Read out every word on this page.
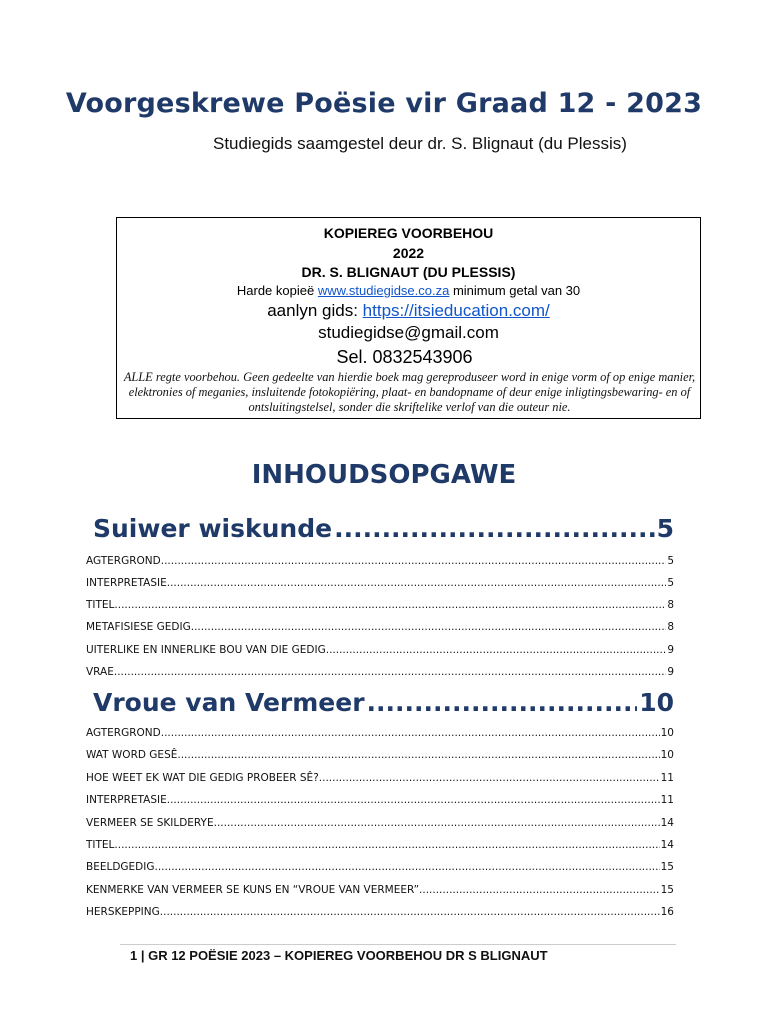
Voorgeskrewe Poësie vir Graad 12 - 2023
Studiegids saamgestel deur dr. S. Blignaut (du Plessis)
KOPIEREG VOORBEHOU
2022
DR. S. BLIGNAUT (DU PLESSIS)
Harde kopieë www.studiegidse.co.za minimum getal van 30
aanlyn gids: https://itsieducation.com/
studiegidse@gmail.com
Sel. 0832543906
ALLE regte voorbehou. Geen gedeelte van hierdie boek mag gereproduseer word in enige vorm of op enige manier, elektronies of meganies, insluitende fotokopiëring, plaat- en bandopname of deur enige inligtingsbewaring- en of ontsluitingstelsel, sonder die skriftelike verlof van die outeur nie.
INHOUDSOPGAWE
Suiwer wiskunde .....	5
AGTERGROND .....	5
INTERPRETASIE .....	5
TITEL .....	8
METAFISIESE GEDIG .....	8
UITERLIKE EN INNERLIKE BOU VAN DIE GEDIG .....	9
VRAE .....	9
Vroue van Vermeer .....	10
AGTERGROND .....	10
WAT WORD GESÊ .....	10
HOE WEET EK WAT DIE GEDIG PROBEER SÊ? .....	11
INTERPRETASIE .....	11
VERMEER SE SKILDERYE .....	14
TITEL .....	14
BEELDGEDIG .....	15
KENMERKE VAN VERMEER SE KUNS EN “VROUE VAN VERMEER” .....	15
HERSKEPPING .....	16
1 | GR 12 POËSIE 2023 – KOPIEREG VOORBEHOU DR S BLIGNAUT
